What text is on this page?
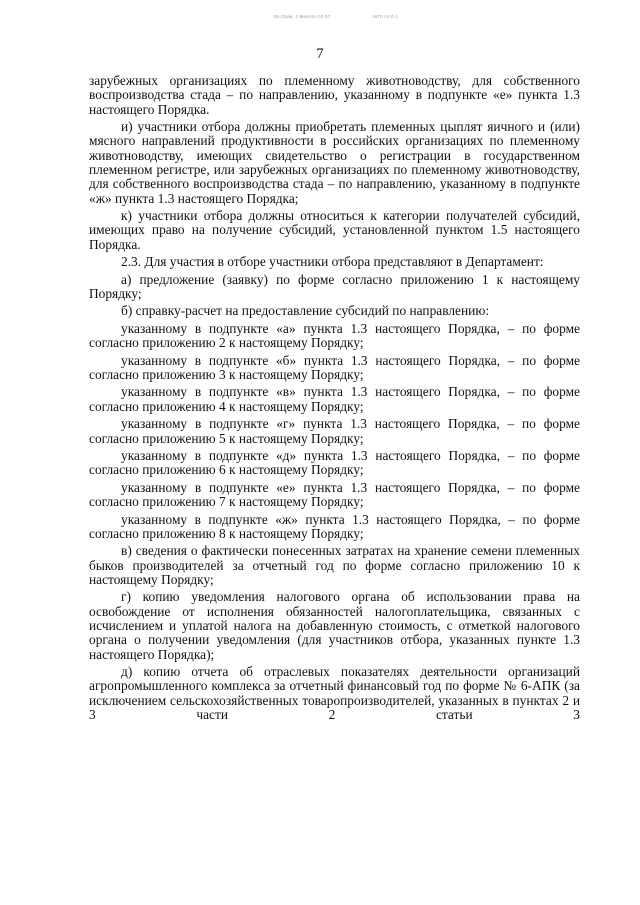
Вх.Прав. 2 Ментал 03.07	1870 пл.0 1
7

зарубежных организациях по племенному животноводству, для собственного воспроизводства стада – по направлению, указанному в подпункте «е» пункта 1.3 настоящего Порядка.

и) участники отбора должны приобретать племенных цыплят яичного и (или) мясного направлений продуктивности в российских организациях по племенному животноводству, имеющих свидетельство о регистрации в государственном племенном регистре, или зарубежных организациях по племенному животноводству, для собственного воспроизводства стада – по направлению, указанному в подпункте «ж» пункта 1.3 настоящего Порядка;

к) участники отбора должны относиться к категории получателей субсидий, имеющих право на получение субсидий, установленной пунктом 1.5 настоящего Порядка.

2.3. Для участия в отборе участники отбора представляют в Департамент:

а) предложение (заявку) по форме согласно приложению 1 к настоящему Порядку;

б) справку-расчет на предоставление субсидий по направлению:

указанному в подпункте «а» пункта 1.3 настоящего Порядка, – по форме согласно приложению 2 к настоящему Порядку;

указанному в подпункте «б» пункта 1.3 настоящего Порядка, – по форме согласно приложению 3 к настоящему Порядку;

указанному в подпункте «в» пункта 1.3 настоящего Порядка, – по форме согласно приложению 4 к настоящему Порядку;

указанному в подпункте «г» пункта 1.3 настоящего Порядка, – по форме согласно приложению 5 к настоящему Порядку;

указанному в подпункте «д» пункта 1.3 настоящего Порядка, – по форме согласно приложению 6 к настоящему Порядку;

указанному в подпункте «е» пункта 1.3 настоящего Порядка, – по форме согласно приложению 7 к настоящему Порядку;

указанному в подпункте «ж» пункта 1.3 настоящего Порядка, – по форме согласно приложению 8 к настоящему Порядку;

в) сведения о фактически понесенных затратах на хранение семени племенных быков производителей за отчетный год по форме согласно приложению 10 к настоящему Порядку;

г) копию уведомления налогового органа об использовании права на освобождение от исполнения обязанностей налогоплательщика, связанных с исчислением и уплатой налога на добавленную стоимость, с отметкой налогового органа о получении уведомления (для участников отбора, указанных пункте 1.3 настоящего Порядка);

д) копию отчета об отраслевых показателях деятельности организаций агропромышленного комплекса за отчетный финансовый год по форме № 6-АПК (за исключением сельскохозяйственных товаропроизводителей, указанных в пунктах 2 и 3 части 2 статьи 3
